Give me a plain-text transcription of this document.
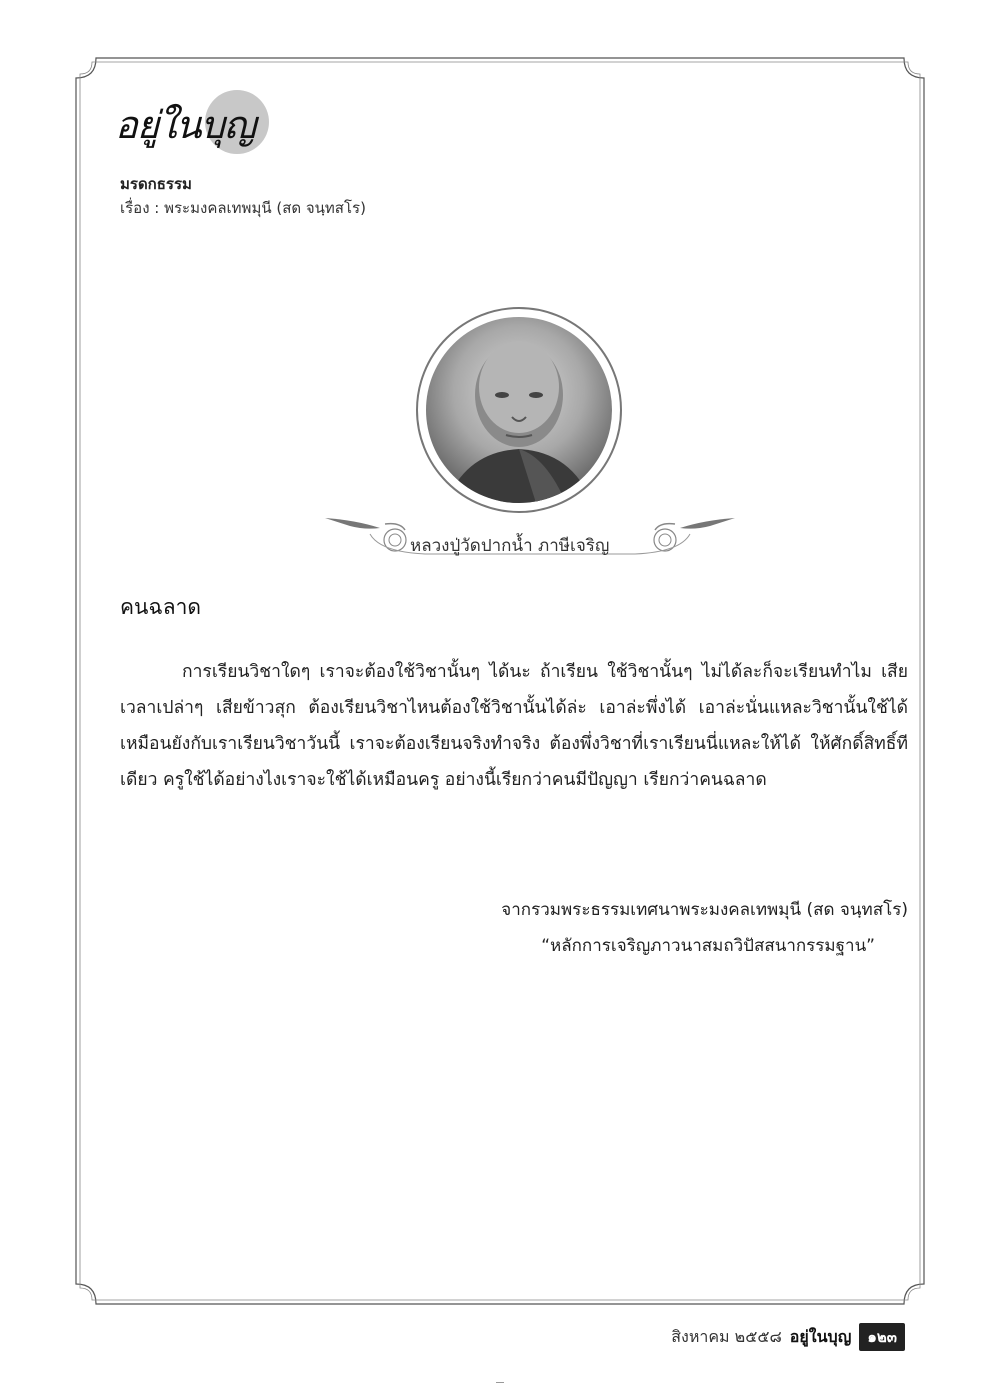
อยู่ในบุญ
มรดกธรรม
เรื่อง : พระมงคลเทพมุนี (สด จนฺทสโร)
หลวงปู่วัดปากน้ำ ภาษีเจริญ
คนฉลาด
การเรียนวิชาใดๆ เราจะต้องใช้วิชานั้นๆ ได้นะ ถ้าเรียน ใช้วิชานั้นๆ ไม่ได้ละก็จะเรียนทำไม เสียเวลาเปล่าๆ เสียข้าวสุก ต้องเรียนวิชาไหนต้องใช้วิชานั้นได้ล่ะ เอาล่ะพึ่งได้ เอาล่ะนั่นแหละวิชานั้นใช้ได้ เหมือนยังกับเราเรียนวิชาวันนี้ เราจะต้องเรียนจริงทำจริง ต้องพึ่งวิชาที่เราเรียนนี่แหละให้ได้ ให้ศักดิ์สิทธิ์ทีเดียว ครูใช้ได้อย่างไงเราจะใช้ได้เหมือนครู อย่างนี้เรียกว่าคนมีปัญญา เรียกว่าคนฉลาด
จากรวมพระธรรมเทศนาพระมงคลเทพมุนี (สด จนฺทสโร)
“หลักการเจริญภาวนาสมถวิปัสสนากรรมฐาน”
สิงหาคม ๒๕๕๘ อยู่ในบุญ	๑๒๓
